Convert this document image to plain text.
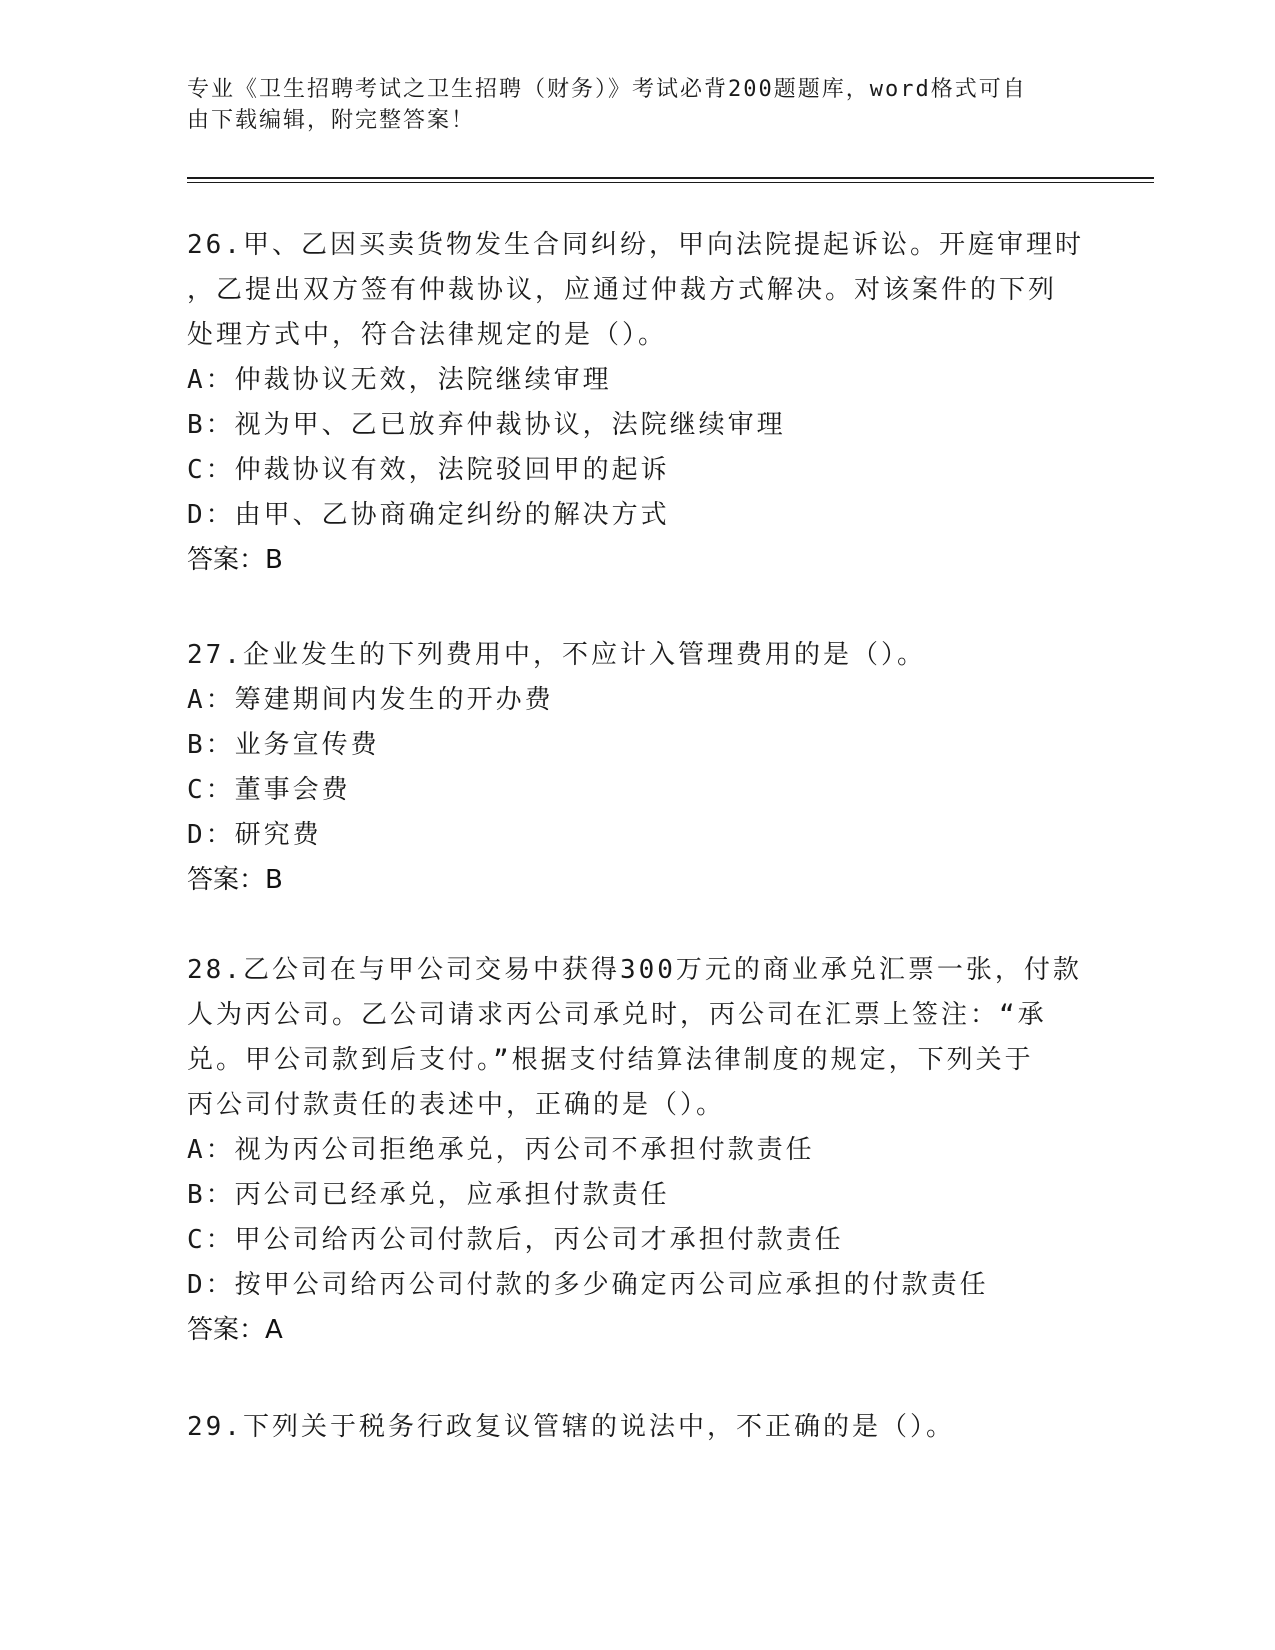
专业《卫生招聘考试之卫生招聘（财务）》考试必背200题题库，word格式可自
由下载编辑，附完整答案！

26.甲、乙因买卖货物发生合同纠纷，甲向法院提起诉讼。开庭审理时

，乙提出双方签有仲裁协议，应通过仲裁方式解决。对该案件的下列

处理方式中，符合法律规定的是（）。

A：仲裁协议无效，法院继续审理

B：视为甲、乙已放弃仲裁协议，法院继续审理

C：仲裁协议有效，法院驳回甲的起诉

D：由甲、乙协商确定纠纷的解决方式

答案：B

27.企业发生的下列费用中，不应计入管理费用的是（）。

A：筹建期间内发生的开办费

B：业务宣传费

C：董事会费

D：研究费

答案：B

28.乙公司在与甲公司交易中获得300万元的商业承兑汇票一张，付款

人为丙公司。乙公司请求丙公司承兑时，丙公司在汇票上签注：“承

兑。甲公司款到后支付。”根据支付结算法律制度的规定，下列关于

丙公司付款责任的表述中，正确的是（）。

A：视为丙公司拒绝承兑，丙公司不承担付款责任

B：丙公司已经承兑，应承担付款责任

C：甲公司给丙公司付款后，丙公司才承担付款责任

D：按甲公司给丙公司付款的多少确定丙公司应承担的付款责任

答案：A

29.下列关于税务行政复议管辖的说法中，不正确的是（）。
